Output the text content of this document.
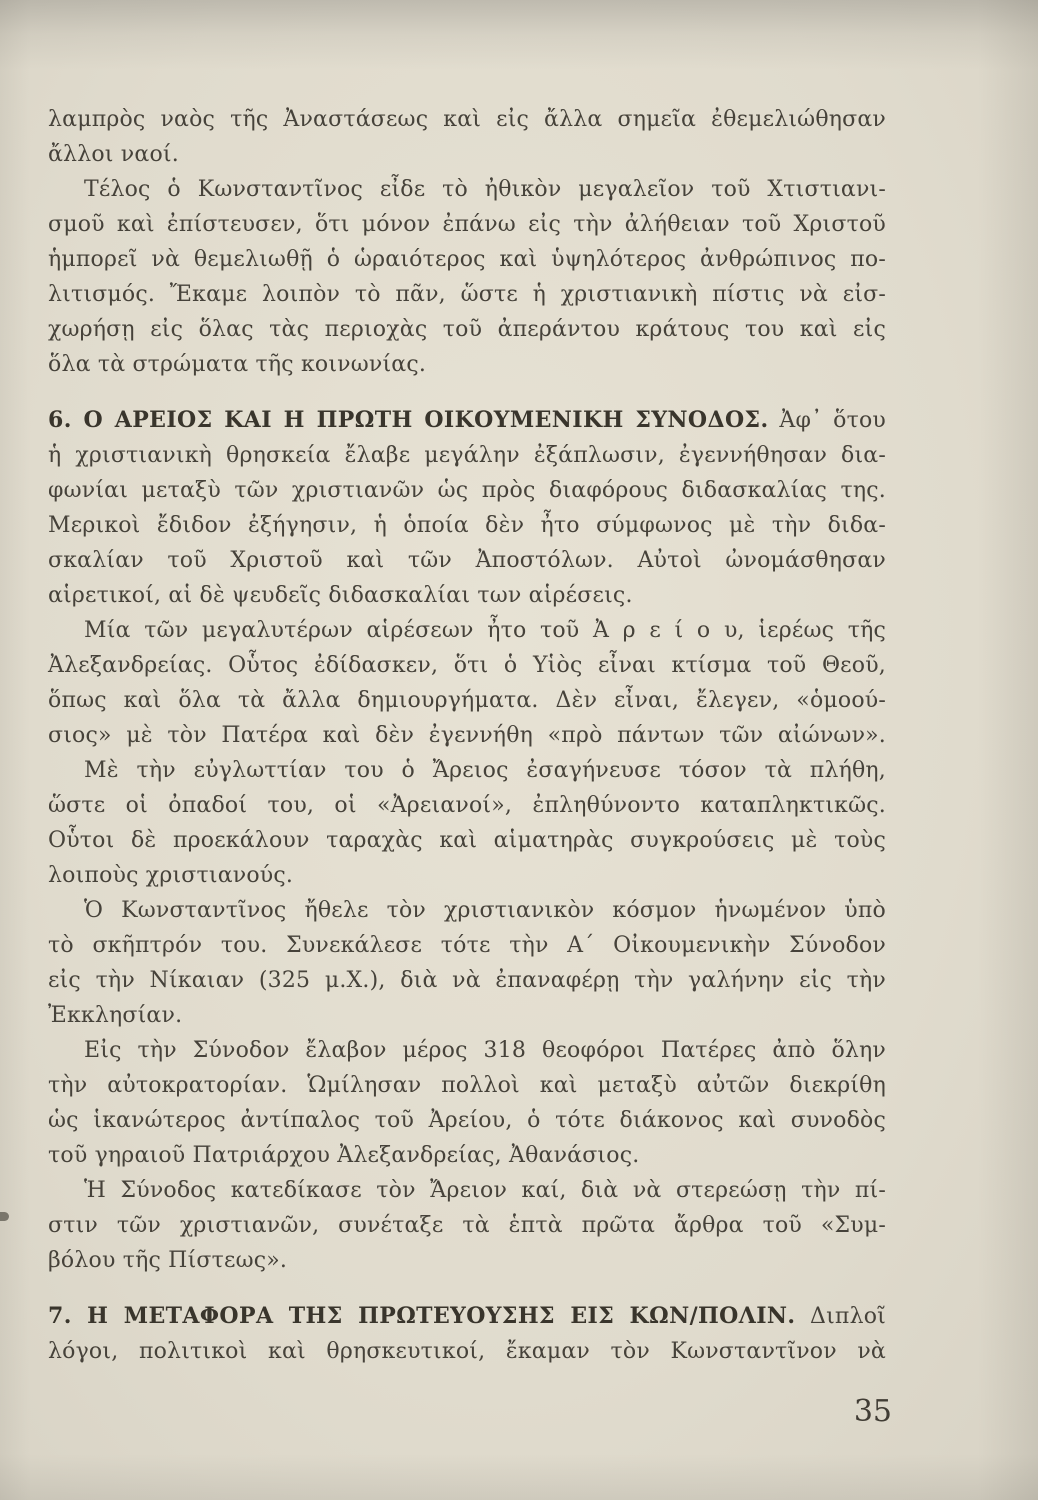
λαμπρὸς ναὸς τῆς Ἀναστάσεως καὶ εἰς ἄλλα σημεῖα ἐθεμελιώθησαν
ἄλλοι ναοί.
Τέλος ὁ Κωνσταντῖνος εἶδε τὸ ἠθικὸν μεγαλεῖον τοῦ Χτιστιανι-
σμοῦ καὶ ἐπίστευσεν, ὅτι μόνον ἐπάνω εἰς τὴν ἀλήθειαν τοῦ Χριστοῦ
ἡμπορεῖ νὰ θεμελιωθῇ ὁ ὡραιότερος καὶ ὑψηλότερος ἀνθρώπινος πο-
λιτισμός. Ἔκαμε λοιπὸν τὸ πᾶν, ὥστε ἡ χριστιανικὴ πίστις νὰ εἰσ-
χωρήσῃ εἰς ὅλας τὰς περιοχὰς τοῦ ἀπεράντου κράτους του καὶ εἰς
ὅλα τὰ στρώματα τῆς κοινωνίας.
6. Ο ΑΡΕΙΟΣ ΚΑΙ Η ΠΡΩΤΗ ΟΙΚΟΥΜΕΝΙΚΗ ΣΥΝΟΔΟΣ. Ἀφ᾽ ὅτου
ἡ χριστιανικὴ θρησκεία ἔλαβε μεγάλην ἐξάπλωσιν, ἐγεννήθησαν δια-
φωνίαι μεταξὺ τῶν χριστιανῶν ὡς πρὸς διαφόρους διδασκαλίας της.
Μερικοὶ ἔδιδον ἐξήγησιν, ἡ ὁποία δὲν ἦτο σύμφωνος μὲ τὴν διδα-
σκαλίαν τοῦ Χριστοῦ καὶ τῶν Ἀποστόλων. Αὐτοὶ ὠνομάσθησαν
αἱρετικοί, αἱ δὲ ψευδεῖς διδασκαλίαι των αἱρέσεις.
Μία τῶν μεγαλυτέρων αἱρέσεων ἦτο τοῦ Ἀ ρ ε ί ο υ, ἱερέως τῆς
Ἀλεξανδρείας. Οὗτος ἐδίδασκεν, ὅτι ὁ Υἱὸς εἶναι κτίσμα τοῦ Θεοῦ,
ὅπως καὶ ὅλα τὰ ἄλλα δημιουργήματα. Δὲν εἶναι, ἔλεγεν, «ὁμοού-
σιος» μὲ τὸν Πατέρα καὶ δὲν ἐγεννήθη «πρὸ πάντων τῶν αἰώνων».
Μὲ τὴν εὐγλωττίαν του ὁ Ἄρειος ἐσαγήνευσε τόσον τὰ πλήθη,
ὥστε οἱ ὀπαδοί του, οἱ «Ἀρειανοί», ἐπληθύνοντο καταπληκτικῶς.
Οὗτοι δὲ προεκάλουν ταραχὰς καὶ αἱματηρὰς συγκρούσεις μὲ τοὺς
λοιποὺς χριστιανούς.
Ὁ Κωνσταντῖνος ἤθελε τὸν χριστιανικὸν κόσμον ἡνωμένον ὑπὸ
τὸ σκῆπτρόν του. Συνεκάλεσε τότε τὴν Α´ Οἰκουμενικὴν Σύνοδον
εἰς τὴν Νίκαιαν (325 μ.Χ.), διὰ νὰ ἐπαναφέρῃ τὴν γαλήνην εἰς τὴν
Ἐκκλησίαν.
Εἰς τὴν Σύνοδον ἔλαβον μέρος 318 θεοφόροι Πατέρες ἀπὸ ὅλην
τὴν αὐτοκρατορίαν. Ὡμίλησαν πολλοὶ καὶ μεταξὺ αὐτῶν διεκρίθη
ὡς ἱκανώτερος ἀντίπαλος τοῦ Ἀρείου, ὁ τότε διάκονος καὶ συνοδὸς
τοῦ γηραιοῦ Πατριάρχου Ἀλεξανδρείας, Ἀθανάσιος.
Ἡ Σύνοδος κατεδίκασε τὸν Ἄρειον καί, διὰ νὰ στερεώσῃ τὴν πί-
στιν τῶν χριστιανῶν, συνέταξε τὰ ἑπτὰ πρῶτα ἄρθρα τοῦ «Συμ-
βόλου τῆς Πίστεως».
7. Η ΜΕΤΑΦΟΡΑ ΤΗΣ ΠΡΩΤΕΥΟΥΣΗΣ ΕΙΣ ΚΩΝ/ΠΟΛΙΝ. Διπλοῖ
λόγοι, πολιτικοὶ καὶ θρησκευτικοί, ἔκαμαν τὸν Κωνσταντῖνον νὰ
35
